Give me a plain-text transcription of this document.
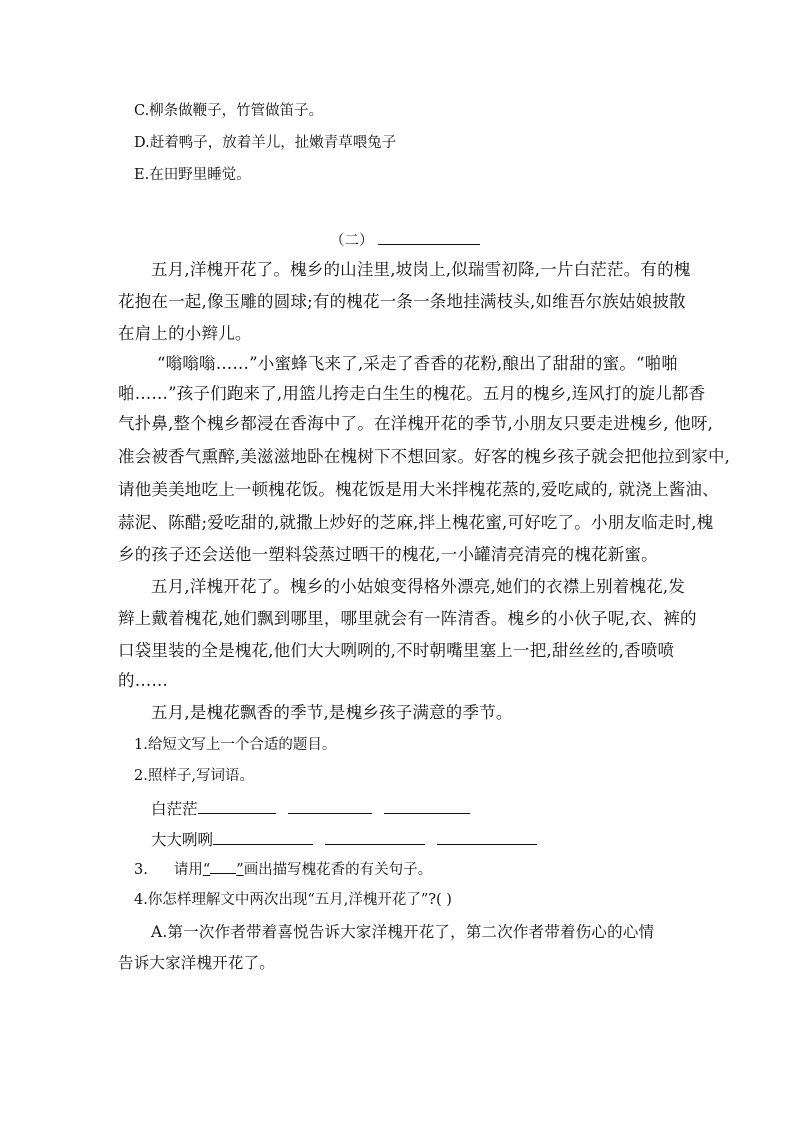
C.柳条做鞭子，竹管做笛子。
D.赶着鸭子，放着羊儿，扯嫩青草喂兔子
E.在田野里睡觉。
（二）
五月,洋槐开花了。槐乡的山洼里,坡岗上,似瑞雪初降,一片白茫茫。有的槐
花抱在一起,像玉雕的圆球;有的槐花一条一条地挂满枝头,如维吾尔族姑娘披散
在肩上的小辫儿。
“嗡嗡嗡……”小蜜蜂飞来了,采走了香香的花粉,酿出了甜甜的蜜。“啪啪
啪……”孩子们跑来了,用篮儿挎走白生生的槐花。五月的槐乡,连风打的旋儿都香
气扑鼻,整个槐乡都浸在香海中了。在洋槐开花的季节,小朋友只要走进槐乡, 他呀,
准会被香气熏醉,美滋滋地卧在槐树下不想回家。好客的槐乡孩子就会把他拉到家中,
请他美美地吃上一顿槐花饭。槐花饭是用大米拌槐花蒸的,爱吃咸的, 就浇上酱油、
蒜泥、陈醋;爱吃甜的,就撒上炒好的芝麻,拌上槐花蜜,可好吃了。小朋友临走时,槐
乡的孩子还会送他一塑料袋蒸过晒干的槐花,一小罐清亮清亮的槐花新蜜。
五月,洋槐开花了。槐乡的小姑娘变得格外漂亮,她们的衣襟上别着槐花,发
辫上戴着槐花,她们飘到哪里，哪里就会有一阵清香。槐乡的小伙子呢,衣、裤的
口袋里装的全是槐花,他们大大咧咧的,不时朝嘴里塞上一把,甜丝丝的,香喷喷
的……
五月,是槐花飘香的季节,是槐乡孩子满意的季节。
1.给短文写上一个合适的题目。
2.照样子,写词语。
白茫茫
大大咧咧
3. 请用“ ”画出描写槐花香的有关句子。
4.你怎样理解文中两次出现“五月,洋槐开花了”?( )
A.第一次作者带着喜悦告诉大家洋槐开花了，第二次作者带着伤心的心情
告诉大家洋槐开花了。
